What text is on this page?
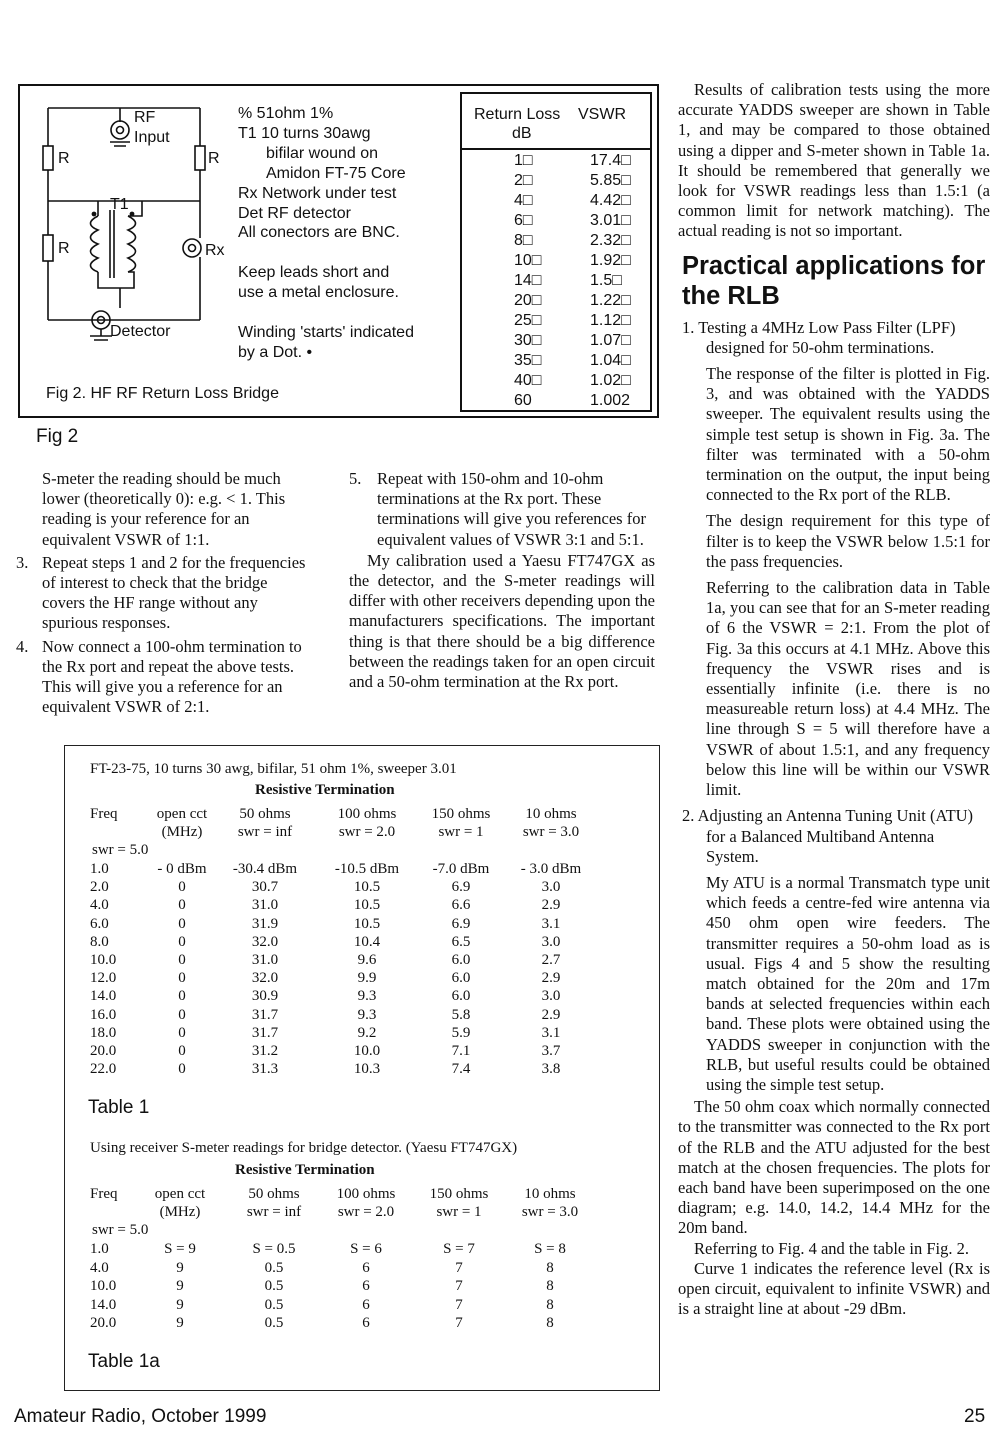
RF
Input
R	R
R
T1
Rx
Detector
% 51ohm 1%
T1 10 turns 30awg
bifilar wound on
Amidon FT-75 Core
Rx Network under test
Det RF detector
All conectors are BNC.
Keep leads short and
use a metal enclosure.
Winding 'starts' indicated
by a Dot. •
Fig 2. HF RF Return Loss Bridge
Return Loss
dB
VSWR
1□	17.4□
2□	5.85□
4□	4.42□
6□	3.01□
8□	2.32□
10□	1.92□
14□	1.5□
20□	1.22□
25□	1.12□
30□	1.07□
35□	1.04□
40□	1.02□
60	1.002
Fig 2

S-meter the reading should be much lower (theoretically 0): e.g. < 1. This reading is your reference for an equivalent VSWR of 1:1.

3. Repeat steps 1 and 2 for the frequencies of interest to check that the bridge covers the HF range without any spurious responses.
4. Now connect a 100-ohm termination to the Rx port and repeat the above tests. This will give you a reference for an equivalent VSWR of 2:1.
5. Repeat with 150-ohm and 10-ohm terminations at the Rx port. These terminations will give you references for equivalent values of VSWR 3:1 and 5:1.

My calibration used a Yaesu FT747GX as the detector, and the S-meter readings will differ with other receivers depending upon the manufacturers specifications. The important thing is that there should be a big difference between the readings taken for an open circuit and a 50-ohm termination at the Rx port.

FT-23-75, 10 turns 30 awg, bifilar, 51 ohm 1%, sweeper 3.01
Resistive Termination
Freq	open cct	50 ohms	100 ohms	150 ohms	10 ohms
(MHz)	swr = inf	swr = 2.0	swr = 1	swr = 3.0
swr = 5.0
1.0	- 0 dBm	-30.4 dBm	-10.5 dBm	-7.0 dBm	- 3.0 dBm
2.0	0	30.7	10.5	6.9	3.0
4.0	0	31.0	10.5	6.6	2.9
6.0	0	31.9	10.5	6.9	3.1
8.0	0	32.0	10.4	6.5	3.0
10.0	0	31.0	9.6	6.0	2.7
12.0	0	32.0	9.9	6.0	2.9
14.0	0	30.9	9.3	6.0	3.0
16.0	0	31.7	9.3	5.8	2.9
18.0	0	31.7	9.2	5.9	3.1
20.0	0	31.2	10.0	7.1	3.7
22.0	0	31.3	10.3	7.4	3.8
Table 1
Using receiver S-meter readings for bridge detector. (Yaesu FT747GX)
Resistive Termination
Freq	open cct	50 ohms	100 ohms	150 ohms	10 ohms
(MHz)	swr = inf	swr = 2.0	swr = 1	swr = 3.0
swr = 5.0
1.0	S = 9	S = 0.5	S = 6	S = 7	S = 8
4.0	9	0.5	6	7	8
10.0	9	0.5	6	7	8
14.0	9	0.5	6	7	8
20.0	9	0.5	6	7	8
Table 1a
Results of calibration tests using the more accurate YADDS sweeper are shown in Table 1, and may be compared to those obtained using a dipper and S-meter shown in Table 1a. It should be remembered that generally we look for VSWR readings less than 1.5:1 (a common limit for network matching). The actual reading is not so important.
Practical applications for the RLB
1. Testing a 4MHz Low Pass Filter (LPF) designed for 50-ohm terminations.
The response of the filter is plotted in Fig. 3, and was obtained with the YADDS sweeper. The equivalent results using the simple test setup is shown in Fig. 3a. The filter was terminated with a 50-ohm termination on the output, the input being connected to the Rx port of the RLB.
The design requirement for this type of filter is to keep the VSWR below 1.5:1 for the pass frequencies.
Referring to the calibration data in Table 1a, you can see that for an S-meter reading of 6 the VSWR = 2:1. From the plot of Fig. 3a this occurs at 4.1 MHz. Above this frequency the VSWR rises and is essentially infinite (i.e. there is no measureable return loss) at 4.4 MHz. The line through S = 5 will therefore have a VSWR of about 1.5:1, and any frequency below this line will be within our VSWR limit.
2. Adjusting an Antenna Tuning Unit (ATU) for a Balanced Multiband Antenna System.
My ATU is a normal Transmatch type unit which feeds a centre-fed wire antenna via 450 ohm open wire feeders. The transmitter requires a 50-ohm load as is usual. Figs 4 and 5 show the resulting match obtained for the 20m and 17m bands at selected frequencies within each band. These plots were obtained using the YADDS sweeper in conjunction with the RLB, but useful results could be obtained using the simple test setup.
The 50 ohm coax which normally connected to the transmitter was connected to the Rx port of the RLB and the ATU adjusted for the best match at the chosen frequencies. The plots for each band have been superimposed on the one diagram; e.g. 14.0, 14.2, 14.4 MHz for the 20m band.
Referring to Fig. 4 and the table in Fig. 2.
Curve 1 indicates the reference level (Rx is open circuit, equivalent to infinite VSWR) and is a straight line at about -29 dBm.
Amateur Radio, October 1999	25
